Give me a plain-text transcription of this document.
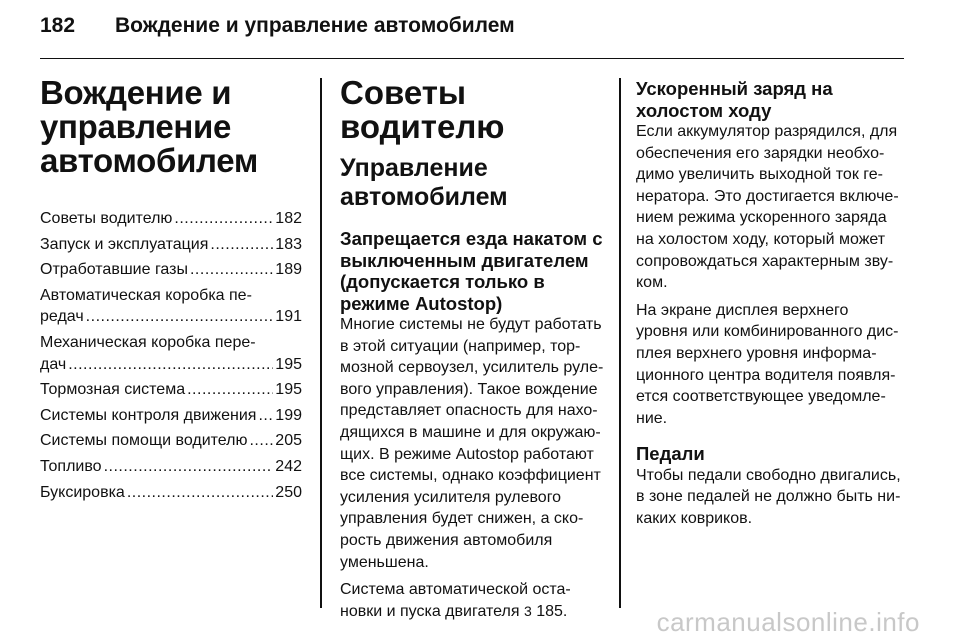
182	Вождение и управление автомобилем
Вождение и
управление
автомобилем
Советы водителю .....	182
Запуск и эксплуатация .....	183
Отработавшие газы .....	189
Автоматическая коробка пе-
редач .....	191
Механическая коробка пере-
дач .....	195
Тормозная система .....	195
Системы контроля движения ..... 199
Системы помощи водителю ..... 205
Топливо .....	242
Буксировка .....	250
Советы водителю
Управление
автомобилем
Запрещается езда накатом с
выключенным двигателем
(допускается только в
режиме Autostop)
Многие системы не будут работать
в этой ситуации (например, тор-
мозной сервоузел, усилитель руле-
вого управления). Такое вождение
представляет опасность для нахо-
дящихся в машине и для окружаю-
щих. В режиме Autostop работают
все системы, однако коэффициент
усиления усилителя рулевого
управления будет снижен, а ско-
рость движения автомобиля
уменьшена.
Система автоматической оста-
новки и пуска двигателя 3 185.
Ускоренный заряд на
холостом ходу
Если аккумулятор разрядился, для
обеспечения его зарядки необхо-
димо увеличить выходной ток ге-
нератора. Это достигается включе-
нием режима ускоренного заряда
на холостом ходу, который может
сопровождаться характерным зву-
ком.
На экране дисплея верхнего
уровня или комбинированного дис-
плея верхнего уровня информа-
ционного центра водителя появля-
ется соответствующее уведомле-
ние.
Педали
Чтобы педали свободно двигались,
в зоне педалей не должно быть ни-
каких ковриков.
carmanualsonline.info
